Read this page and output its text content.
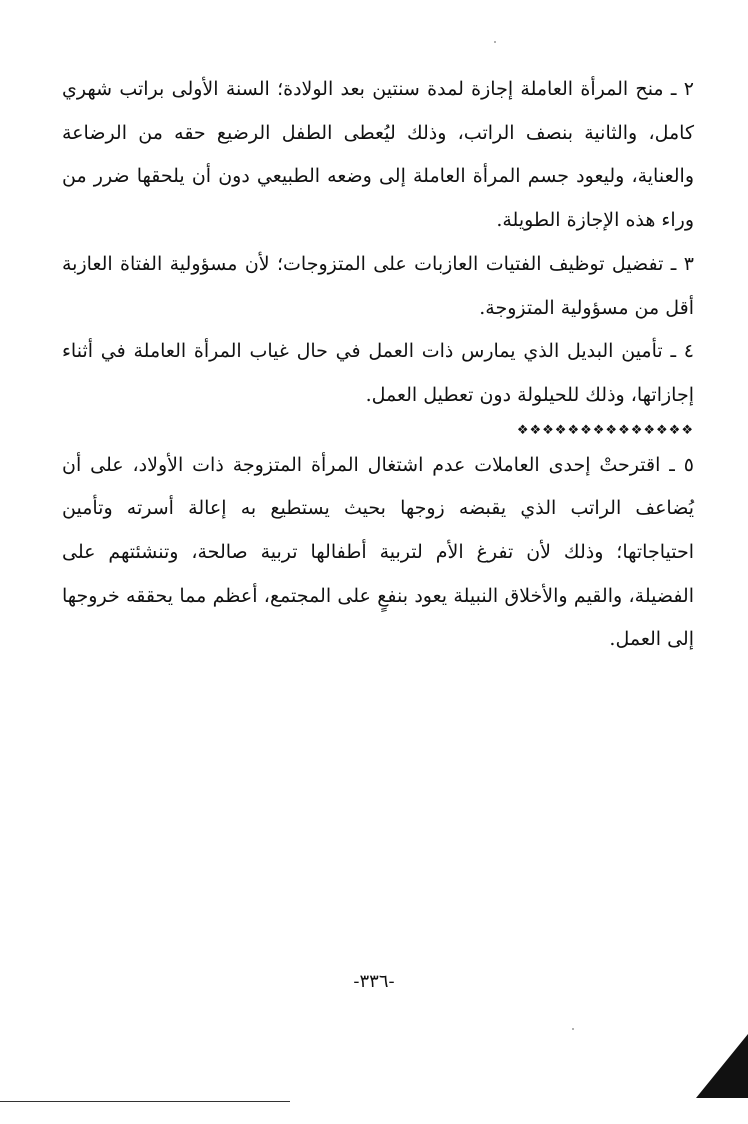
٢ ـ منح المرأة العاملة إجازة لمدة سنتين بعد الولادة؛ السنة الأولى براتب شهري كامل، والثانية بنصف الراتب، وذلك ليُعطى الطفل الرضيع حقه من الرضاعة والعناية، وليعود جسم المرأة العاملة إلى وضعه الطبيعي دون أن يلحقها ضرر من وراء هذه الإجازة الطويلة.

٣ ـ تفضيل توظيف الفتيات العازبات على المتزوجات؛ لأن مسؤولية الفتاة العازبة أقل من مسؤولية المتزوجة.

٤ ـ تأمين البديل الذي يمارس ذات العمل في حال غياب المرأة العاملة في أثناء إجازاتها، وذلك للحيلولة دون تعطيل العمل.

❖❖❖❖❖❖❖❖❖❖❖❖❖❖

٥ ـ اقترحتْ إحدى العاملات عدم اشتغال المرأة المتزوجة ذات الأولاد، على أن يُضاعف الراتب الذي يقبضه زوجها بحيث يستطيع به إعالة أسرته وتأمين احتياجاتها؛ وذلك لأن تفرغ الأم لتربية أطفالها تربية صالحة، وتنشئتهم على الفضيلة، والقيم والأخلاق النبيلة يعود بنفعٍ على المجتمع، أعظم مما يحققه خروجها إلى العمل.

-٣٣٦-
